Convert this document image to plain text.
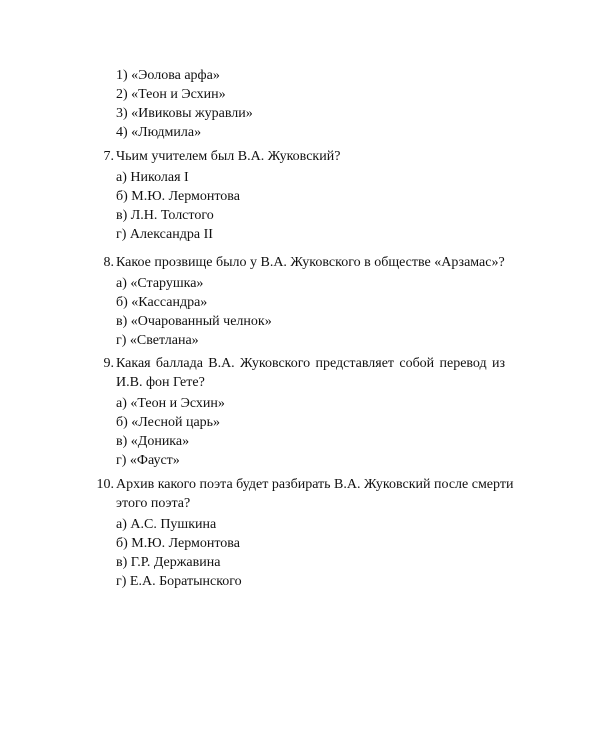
1) «Эолова арфа»
2) «Теон и Эсхин»
3) «Ивиковы журавли»
4) «Людмила»
7. Чьим учителем был В.А. Жуковский?
а) Николая I
б) М.Ю. Лермонтова
в) Л.Н. Толстого
г) Александра II
8. Какое прозвище было у В.А. Жуковского в обществе «Арзамас»?
а) «Старушка»
б) «Кассандра»
в) «Очарованный челнок»
г) «Светлана»
9. Какая баллада В.А. Жуковского представляет собой перевод из
И.В. фон Гете?
а) «Теон и Эсхин»
б) «Лесной царь»
в) «Доника»
г) «Фауст»
10. Архив какого поэта будет разбирать В.А. Жуковский после смерти
этого поэта?
а) А.С. Пушкина
б) М.Ю. Лермонтова
в) Г.Р. Державина
г) Е.А. Боратынского
